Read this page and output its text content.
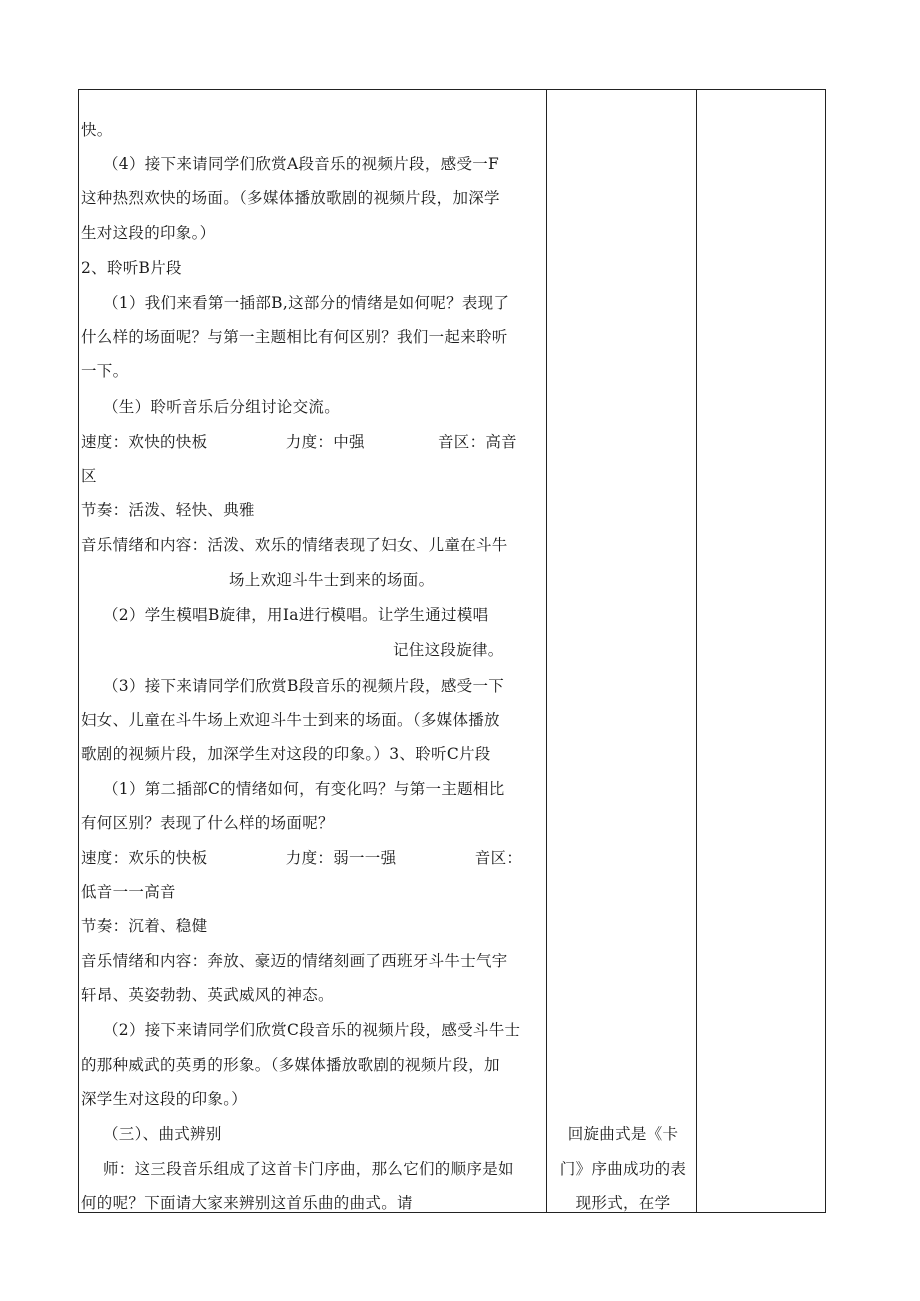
快。
（4）接下来请同学们欣赏A段音乐的视频片段，感受一F
这种热烈欢快的场面。（多媒体播放歌剧的视频片段，加深学
生对这段的印象。）
2、聆听B片段
（1）我们来看第一插部B,这部分的情绪是如何呢？表现了
什么样的场面呢？与第一主题相比有何区别？我们一起来聆听
一下。
（生）聆听音乐后分组讨论交流。
速度：欢快的快板               力度：中强              音区：高音
区
节奏：活泼、轻快、典雅
音乐情绪和内容：活泼、欢乐的情绪表现了妇女、儿童在斗牛
场上欢迎斗牛士到来的场面。
（2）学生模唱B旋律，用Ia进行模唱。让学生通过模唱
记住这段旋律。
（3）接下来请同学们欣赏B段音乐的视频片段，感受一下
妇女、儿童在斗牛场上欢迎斗牛士到来的场面。（多媒体播放
歌剧的视频片段，加深学生对这段的印象。）3、聆听C片段
（1）第二插部C的情绪如何，有变化吗？与第一主题相比
有何区别？表现了什么样的场面呢？
速度：欢乐的快板               力度：弱一一强               音区：
低音一一高音
节奏：沉着、稳健
音乐情绪和内容：奔放、豪迈的情绪刻画了西班牙斗牛士气宇
轩昂、英姿勃勃、英武威风的神态。
（2）接下来请同学们欣赏C段音乐的视频片段，感受斗牛士
的那种威武的英勇的形象。（多媒体播放歌剧的视频片段，加
深学生对这段的印象。）
（三）、曲式辨别
师：这三段音乐组成了这首卡门序曲，那么它们的顺序是如
何的呢？下面请大家来辨别这首乐曲的曲式。请
回旋曲式是《卡
门》序曲成功的表
现形式，在学
